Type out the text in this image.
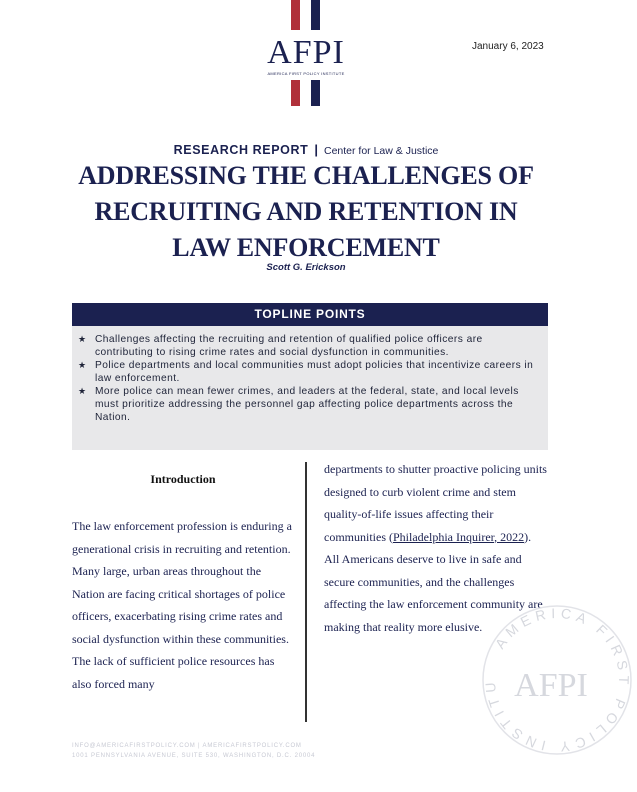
AFPI
AMERICA FIRST POLICY INSTITUTE
January 6, 2023
RESEARCH REPORT | Center for Law & Justice
ADDRESSING THE CHALLENGES OF
RECRUITING AND RETENTION IN
LAW ENFORCEMENT
Scott G. Erickson
TOPLINE POINTS
★ Challenges affecting the recruiting and retention of qualified police officers are contributing to rising crime rates and social dysfunction in communities.
★ Police departments and local communities must adopt policies that incentivize careers in law enforcement.
★ More police can mean fewer crimes, and leaders at the federal, state, and local levels must prioritize addressing the personnel gap affecting police departments across the Nation.
Introduction

The law enforcement profession is enduring a generational crisis in recruiting and retention. Many large, urban areas throughout the Nation are facing critical shortages of police officers, exacerbating rising crime rates and social dysfunction within these communities. The lack of sufficient police resources has also forced many

departments to shutter proactive policing units designed to curb violent crime and stem quality-of-life issues affecting their communities (Philadelphia Inquirer, 2022). All Americans deserve to live in safe and secure communities, and the challenges affecting the law enforcement community are making that reality more elusive.

AMERICA FIRST POLICY INSTITU AFPI
INFO@AMERICAFIRSTPOLICY.COM | AMERICAFIRSTPOLICY.COM
1001 PENNSYLVANIA AVENUE, SUITE 530, WASHINGTON, D.C. 20004
